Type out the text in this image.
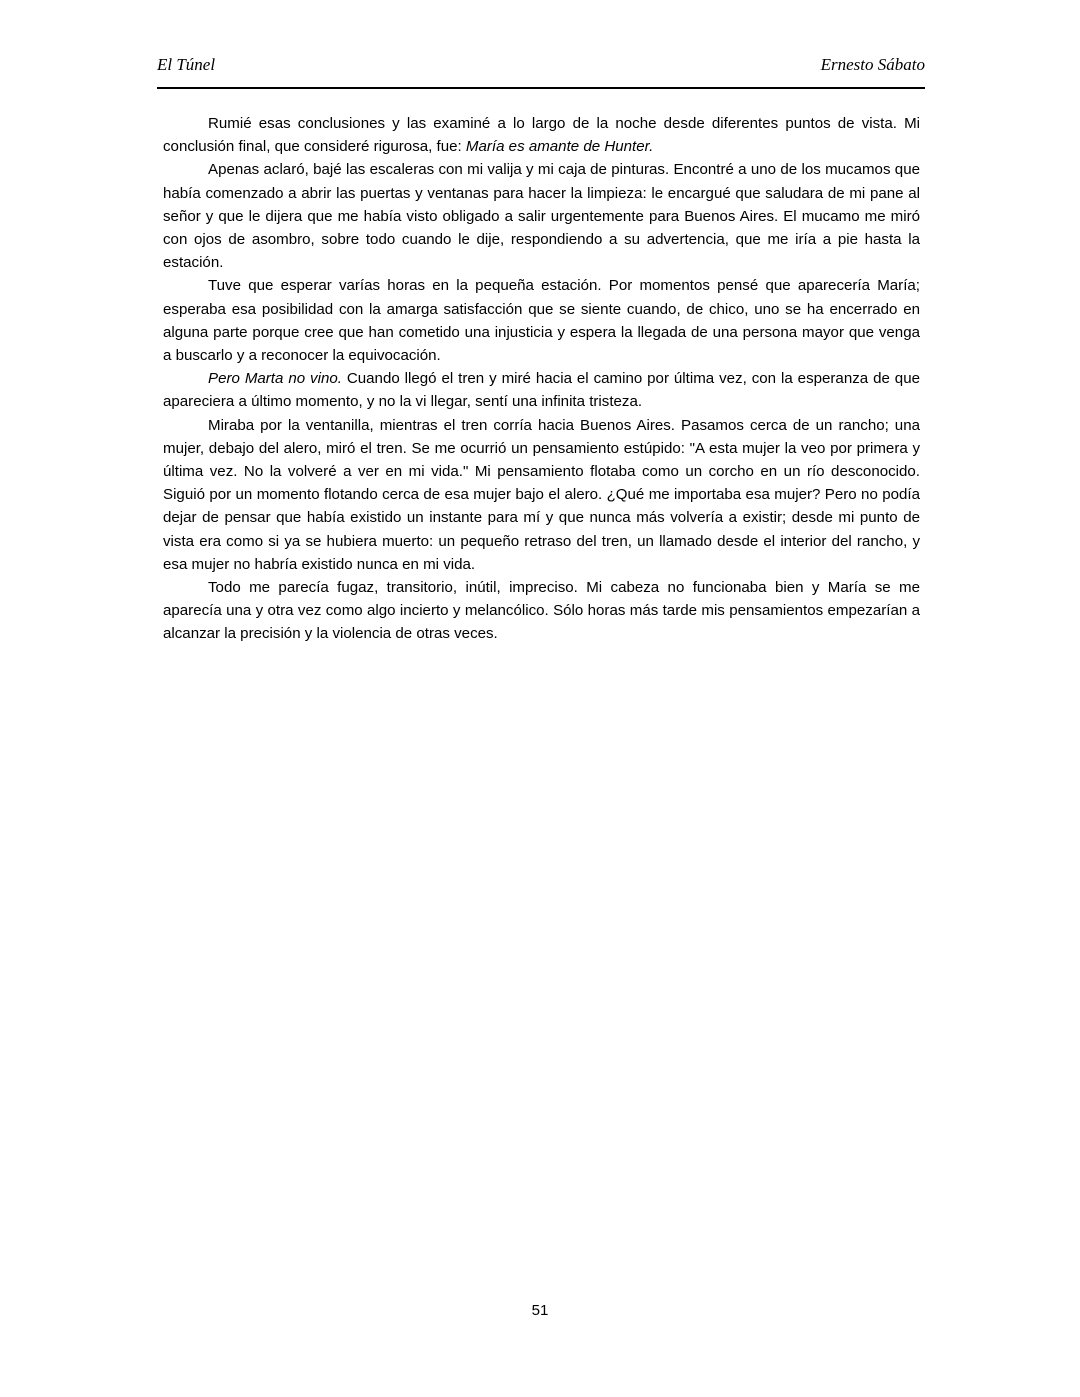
El Túnel	Ernesto Sábato

Rumié esas conclusiones y las examiné a lo largo de la noche desde diferentes puntos de vista. Mi conclusión final, que consideré rigurosa, fue: María es amante de Hunter.

Apenas aclaró, bajé las escaleras con mi valija y mi caja de pinturas. Encontré a uno de los mucamos que había comenzado a abrir las puertas y ventanas para hacer la limpieza: le encargué que saludara de mi pane al señor y que le dijera que me había visto obligado a salir urgentemente para Buenos Aires. El mucamo me miró con ojos de asombro, sobre todo cuando le dije, respondiendo a su advertencia, que me iría a pie hasta la estación.

Tuve que esperar varías horas en la pequeña estación. Por momentos pensé que aparecería María; esperaba esa posibilidad con la amarga satisfacción que se siente cuando, de chico, uno se ha encerrado en alguna parte porque cree que han cometido una injusticia y espera la llegada de una persona mayor que venga a buscarlo y a reconocer la equivocación.

Pero Marta no vino. Cuando llegó el tren y miré hacia el camino por última vez, con la esperanza de que apareciera a último momento, y no la vi llegar, sentí una infinita tristeza.

Miraba por la ventanilla, mientras el tren corría hacia Buenos Aires. Pasamos cerca de un rancho; una mujer, debajo del alero, miró el tren. Se me ocurrió un pensamiento estúpido: "A esta mujer la veo por primera y última vez. No la volveré a ver en mi vida." Mi pensamiento flotaba como un corcho en un río desconocido. Siguió por un momento flotando cerca de esa mujer bajo el alero. ¿Qué me importaba esa mujer? Pero no podía dejar de pensar que había existido un instante para mí y que nunca más volvería a existir; desde mi punto de vista era como si ya se hubiera muerto: un pequeño retraso del tren, un llamado desde el interior del rancho, y esa mujer no habría existido nunca en mi vida.

Todo me parecía fugaz, transitorio, inútil, impreciso. Mi cabeza no funcionaba bien y María se me aparecía una y otra vez como algo incierto y melancólico. Sólo horas más tarde mis pensamientos empezarían a alcanzar la precisión y la violencia de otras veces.

51
